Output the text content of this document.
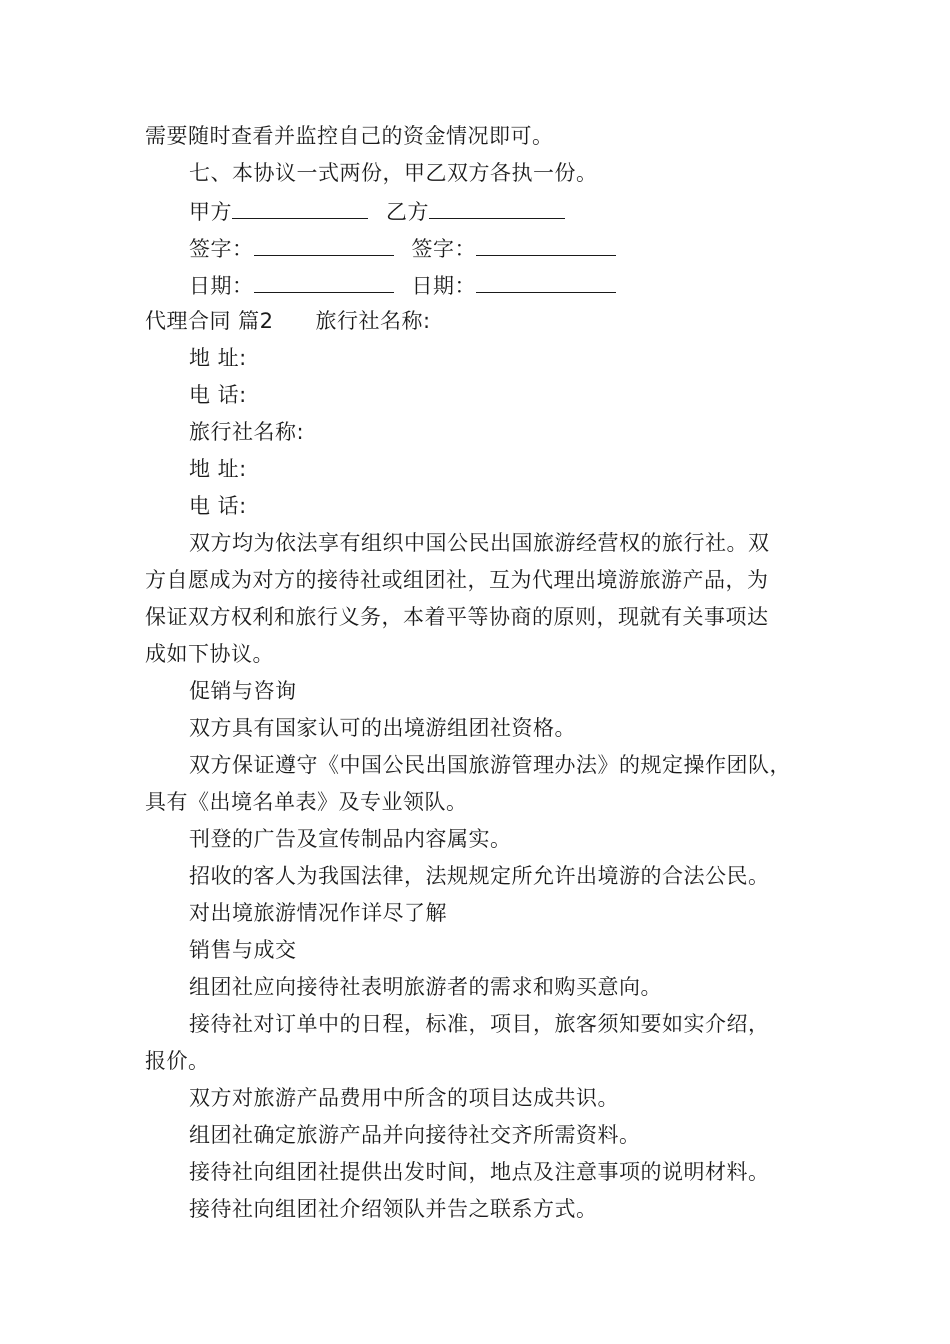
需要随时查看并监控自己的资金情况即可。
七、本协议一式两份，甲乙双方各执一份。
甲方	乙方
签字：	签字：
日期：	日期：
代理合同 篇2 旅行社名称:
地 址:
电 话:
旅行社名称:
地 址:
电 话:
双方均为依法享有组织中国公民出国旅游经营权的旅行社。双
方自愿成为对方的接待社或组团社，互为代理出境游旅游产品，为
保证双方权利和旅行义务，本着平等协商的原则，现就有关事项达
成如下协议。
促销与咨询
双方具有国家认可的出境游组团社资格。
双方保证遵守《中国公民出国旅游管理办法》的规定操作团队，
具有《出境名单表》及专业领队。
刊登的广告及宣传制品内容属实。
招收的客人为我国法律，法规规定所允许出境游的合法公民。
对出境旅游情况作详尽了解
销售与成交
组团社应向接待社表明旅游者的需求和购买意向。
接待社对订单中的日程，标准，项目，旅客须知要如实介绍，
报价。
双方对旅游产品费用中所含的项目达成共识。
组团社确定旅游产品并向接待社交齐所需资料。
接待社向组团社提供出发时间，地点及注意事项的说明材料。
接待社向组团社介绍领队并告之联系方式。
